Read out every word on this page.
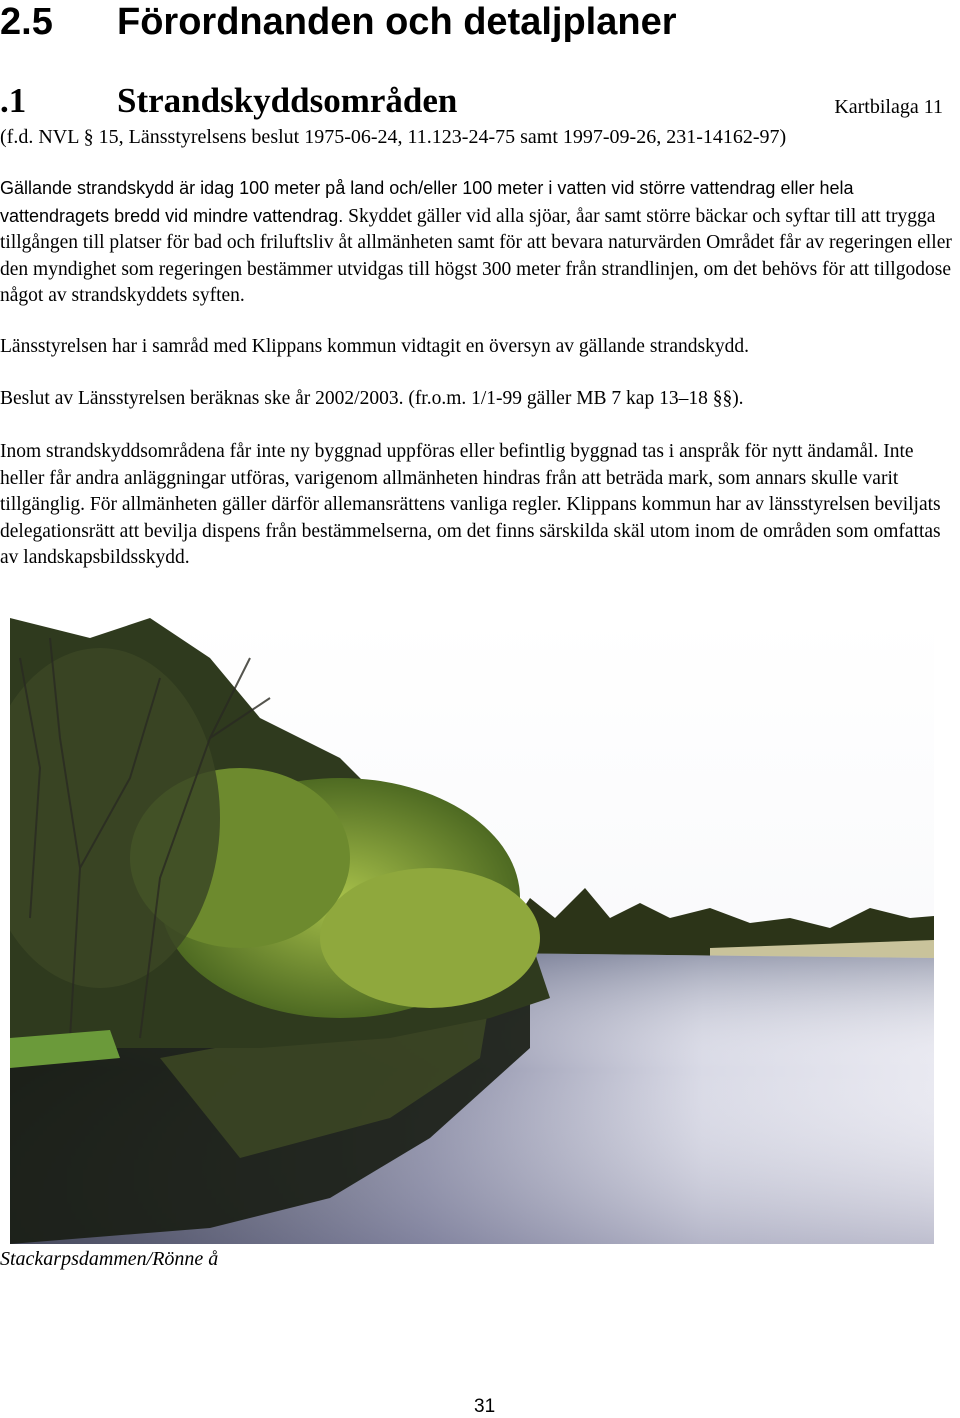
2.5 Förordnanden och detaljplaner
.1	Strandskyddsområden	Kartbilaga 11
(f.d. NVL § 15, Länsstyrelsens beslut 1975-06-24, 11.123-24-75 samt 1997-09-26, 231-14162-97)

Gällande strandskydd är idag 100 meter på land och/eller 100 meter i vatten vid större vattendrag eller hela vattendragets bredd vid mindre vattendrag. Skyddet gäller vid alla sjöar, åar samt större bäckar och syftar till att trygga tillgången till platser för bad och friluftsliv åt allmänheten samt för att bevara naturvärden Området får av regeringen eller den myndighet som regeringen bestämmer utvidgas till högst 300 meter från strandlinjen, om det behövs för att tillgodose något av strandskyddets syften.

Länsstyrelsen har i samråd med Klippans kommun vidtagit en översyn av gällande strandskydd.

Beslut av Länsstyrelsen beräknas ske år 2002/2003. (fr.o.m. 1/1-99 gäller MB 7 kap 13–18 §§).

Inom strandskyddsområdena får inte ny byggnad uppföras eller befintlig byggnad tas i anspråk för nytt ändamål. Inte heller får andra anläggningar utföras, varigenom allmänheten hindras från att beträda mark, som annars skulle varit tillgänglig. För allmänheten gäller därför allemansrättens vanliga regler. Klippans kommun har av länsstyrelsen beviljats delegationsrätt att bevilja dispens från bestämmelserna, om det finns särskilda skäl utom inom de områden som omfattas av landskapsbildsskydd.

Stackarpsdammen/Rönne å
31
